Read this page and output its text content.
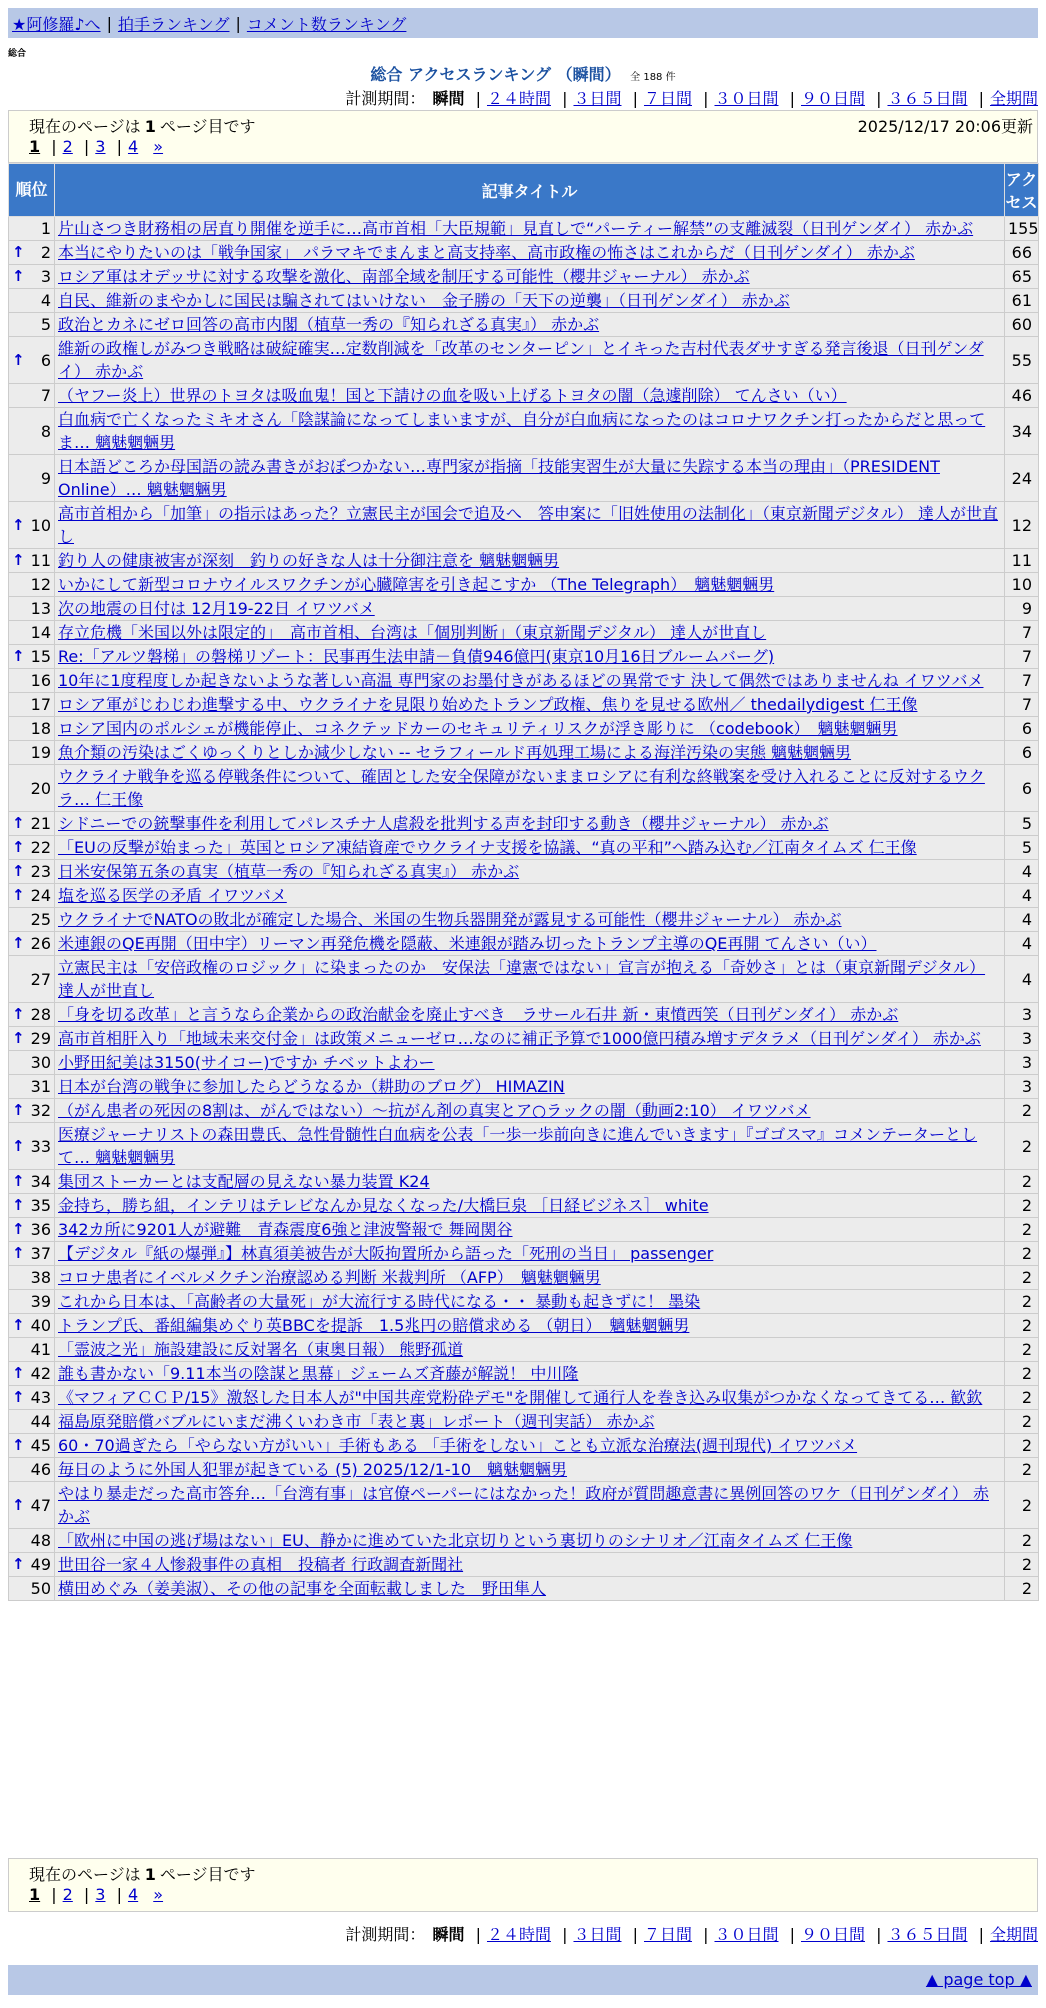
★阿修羅♪へ | 拍手ランキング | コメント数ランキング
総合
総合 アクセスランキング （瞬間） 全 188 件
計測期間： 瞬間 | ２４時間 | ３日間 | ７日間 | ３０日間 | ９０日間 | ３６５日間 | 全期間
現在のページは 1 ページ目です	2025/12/17 20:06更新
1 | 2 | 3 | 4 »
順位	記事タイトル	アクセス
1	片山さつき財務相の居直り開催を逆手に…高市首相「大臣規範」見直しで“パーティー解禁”の支離滅裂（日刊ゲンダイ） 赤かぶ	155

↑ 2	本当にやりたいのは「戦争国家」 パラマキでまんまと高支持率、高市政権の怖さはこれからだ（日刊ゲンダイ） 赤かぶ	66

↑ 3	ロシア軍はオデッサに対する攻撃を激化、南部全域を制圧する可能性（櫻井ジャーナル） 赤かぶ	65
4	自民、維新のまやかしに国民は騙されてはいけない　金子勝の「天下の逆襲」（日刊ゲンダイ） 赤かぶ	61
5	政治とカネにゼロ回答の高市内閣（植草一秀の『知られざる真実』） 赤かぶ	60

↑ 6	維新の政権しがみつき戦略は破綻確実…定数削減を「改革のセンターピン」とイキった吉村代表ダサすぎる発言後退（日刊ゲンダイ） 赤かぶ	55
7	（ヤフー炎上）世界のトヨタは吸血鬼！国と下請けの血を吸い上げるトヨタの闇（急遽削除） てんさい（い）	46
8	白血病で亡くなったミキオさん「陰謀論になってしまいますが、自分が白血病になったのはコロナワクチン打ったからだと思ってま… 魑魅魍魎男	34
9	日本語どころか母国語の読み書きがおぼつかない…専門家が指摘「技能実習生が大量に失踪する本当の理由」（PRESIDENT Online）… 魑魅魍魎男	24

↑ 10	高市首相から「加筆」の指示はあった？立憲民主が国会で追及へ　答申案に「旧姓使用の法制化」（東京新聞デジタル） 達人が世直し	12

↑ 11	釣り人の健康被害が深刻　釣りの好きな人は十分御注意を 魑魅魍魎男	11
12	いかにして新型コロナウイルスワクチンが心臓障害を引き起こすか （The Telegraph）　魑魅魍魎男	10
13	次の地震の日付は 12月19-22日 イワツバメ	9
14	存立危機「米国以外は限定的」　高市首相、台湾は「個別判断」（東京新聞デジタル） 達人が世直し	7

↑ 15	Re:「アルツ磐梯」の磐梯リゾート：民事再生法申請－負債946億円(東京10月16日ブルームバーグ)	7
16	10年に1度程度しか起きないような著しい高温 専門家のお墨付きがあるほどの異常です 決して偶然ではありませんね イワツバメ	7
17	ロシア軍がじわじわ進撃する中、ウクライナを見限り始めたトランプ政権、焦りを見せる欧州／ thedailydigest 仁王像	7
18	ロシア国内のポルシェが機能停止、コネクテッドカーのセキュリティリスクが浮き彫りに （codebook）　魑魅魍魎男	6
19	魚介類の汚染はごくゆっくりとしか減少しない -- セラフィールド再処理工場による海洋汚染の実態 魑魅魍魎男	6
20	ウクライナ戦争を巡る停戦条件について、確固とした安全保障がないままロシアに有利な終戦案を受け入れることに反対するウクラ… 仁王像	6

↑ 21	シドニーでの銃撃事件を利用してパレスチナ人虐殺を批判する声を封印する動き（櫻井ジャーナル） 赤かぶ	5

↑ 22	「EUの反撃が始まった」英国とロシア凍結資産でウクライナ支援を協議、“真の平和”へ踏み込む／江南タイムズ 仁王像	5

↑ 23	日米安保第五条の真実（植草一秀の『知られざる真実』） 赤かぶ	4

↑ 24	塩を巡る医学の矛盾 イワツバメ	4
25	ウクライナでNATOの敗北が確定した場合、米国の生物兵器開発が露見する可能性（櫻井ジャーナル） 赤かぶ	4

↑ 26	米連銀のQE再開（田中宇）リーマン再発危機を隠蔽、米連銀が踏み切ったトランプ主導のQE再開 てんさい（い）	4
27	立憲民主は「安倍政権のロジック」に染まったのか　安保法「違憲ではない」宣言が抱える「奇妙さ」とは（東京新聞デジタル） 達人が世直し	4

↑ 28	「身を切る改革」と言うなら企業からの政治献金を廃止すべき　ラサール石井 新・東憤西笑（日刊ゲンダイ） 赤かぶ	3

↑ 29	高市首相肝入り「地域未来交付金」は政策メニューゼロ…なのに補正予算で1000億円積み増すデタラメ（日刊ゲンダイ） 赤かぶ	3
30	小野田紀美は3150(サイコー)ですか チベットよわー	3
31	日本が台湾の戦争に参加したらどうなるか（耕助のブログ） HIMAZIN	3

↑ 32	（がん患者の死因の8割は、がんではない）～抗がん剤の真実とア○ラックの闇（動画2:10） イワツバメ	2

↑ 33	医療ジャーナリストの森田豊氏、急性骨髄性白血病を公表「一歩一歩前向きに進んでいきます」『ゴゴスマ』コメンテーターとして… 魑魅魍魎男	2

↑ 34	集団ストーカーとは支配層の見えない暴力装置 K24	2

↑ 35	金持ち，勝ち組，インテリはテレビなんか見なくなった/大橋巨泉 ［日経ビジネス］ white	2

↑ 36	342カ所に9201人が避難　青森震度6強と津波警報で 舞岡関谷	2

↑ 37	【デジタル『紙の爆弾』】林真須美被告が大阪拘置所から語った「死刑の当日」 passenger	2
38	コロナ患者にイベルメクチン治療認める判断 米裁判所 （AFP）　魑魅魍魎男	2
39	これから日本は、「高齢者の大量死」が大流行する時代になる・・ 暴動も起きずに！ 墨染	2

↑ 40	トランプ氏、番組編集めぐり英BBCを提訴　1.5兆円の賠償求める （朝日）　魑魅魍魎男	2
41	「霊波之光」施設建設に反対署名（東奥日報） 熊野孤道	2

↑ 42	誰も書かない「9.11本当の陰謀と黒幕」ジェームズ斉藤が解説！ 中川隆	2

↑ 43	《マフィアＣＣＰ/15》激怒した日本人が"中国共産党粉砕デモ"を開催して通行人を巻き込み収集がつかなくなってきてる… 歓欽	2
44	福島原発賠償バブルにいまだ沸くいわき市「表と裏」レポート（週刊実話） 赤かぶ	2

↑ 45	60・70過ぎたら「やらない方がいい」手術もある 「手術をしない」ことも立派な治療法(週刊現代) イワツバメ	2
46	毎日のように外国人犯罪が起きている (5) 2025/12/1-10　魑魅魍魎男	2

↑ 47	やはり暴走だった高市答弁…「台湾有事」は官僚ペーパーにはなかった！政府が質問趣意書に異例回答のワケ（日刊ゲンダイ） 赤かぶ	2
48	「欧州に中国の逃げ場はない」EU、静かに進めていた北京切りという裏切りのシナリオ／江南タイムズ 仁王像	2

↑ 49	世田谷一家４人惨殺事件の真相　投稿者 行政調査新聞社	2
50	横田めぐみ（姜美淑）、その他の記事を全面転載しました　野田隼人	2
現在のページは 1 ページ目です
1 | 2 | 3 | 4 »
計測期間： 瞬間 | ２４時間 | ３日間 | ７日間 | ３０日間 | ９０日間 | ３６５日間 | 全期間
▲ page top ▲
